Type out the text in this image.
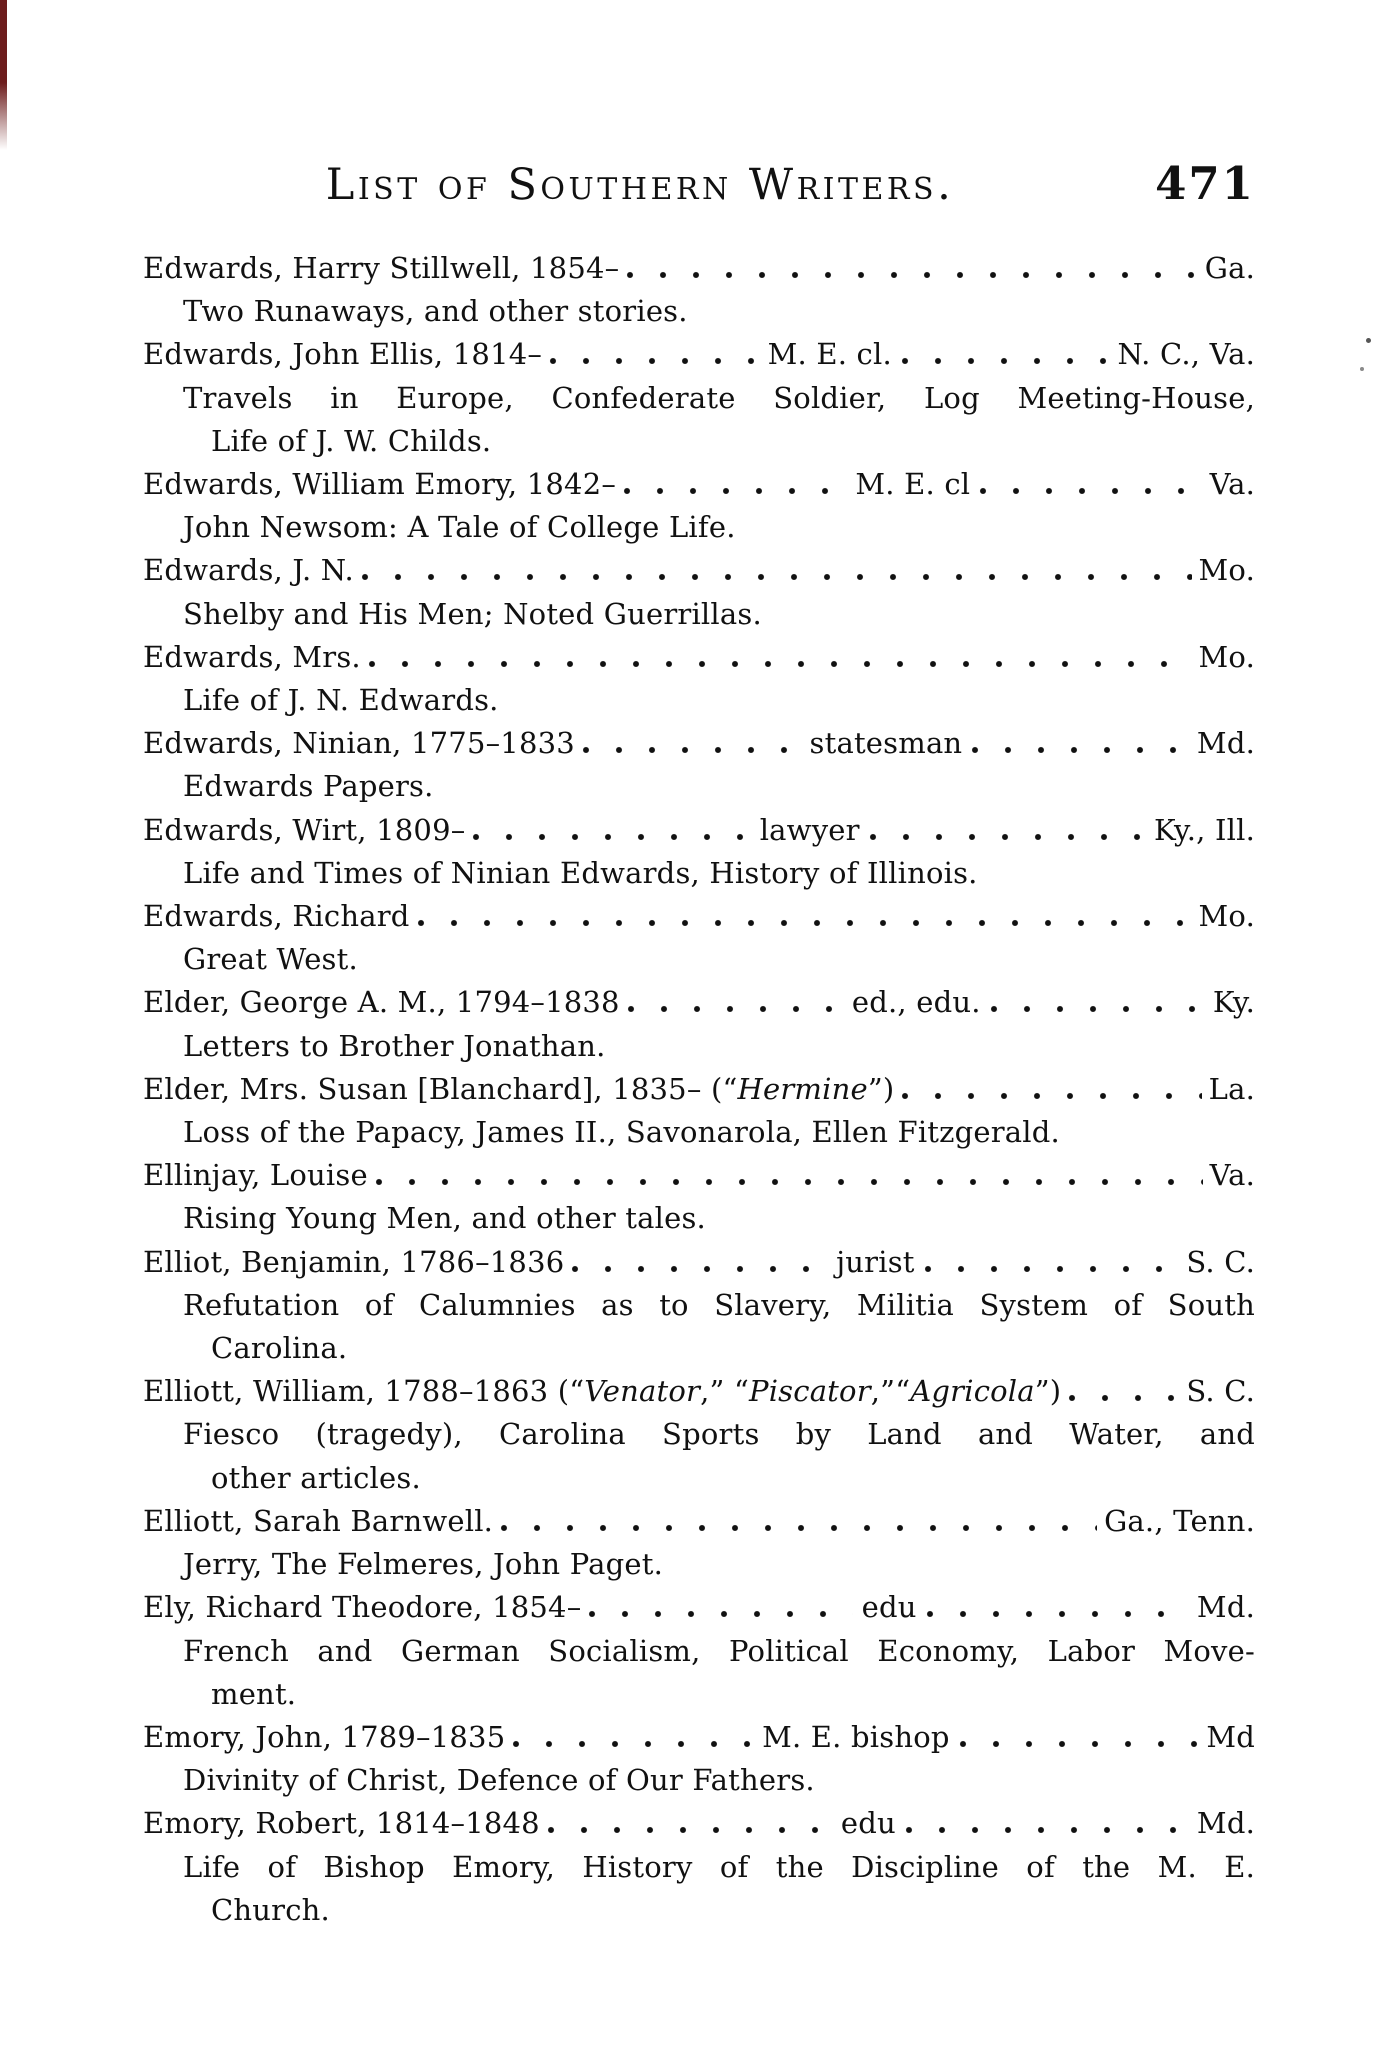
List of Southern Writers.	471
Edwards, Harry Stillwell, 1854–	Ga.
Two Runaways, and other stories.
Edwards, John Ellis, 1814–	M. E. cl.	N. C., Va.
Travels in Europe, Confederate Soldier, Log Meeting-House,
Life of J. W. Childs.
Edwards, William Emory, 1842–	M. E. cl	Va.
John Newsom: A Tale of College Life.
Edwards, J. N.	Mo.
Shelby and His Men; Noted Guerrillas.
Edwards, Mrs.	Mo.
Life of J. N. Edwards.
Edwards, Ninian, 1775–1833	statesman	Md.
Edwards Papers.
Edwards, Wirt, 1809–	lawyer	Ky., Ill.
Life and Times of Ninian Edwards, History of Illinois.
Edwards, Richard	Mo.
Great West.
Elder, George A. M., 1794–1838	ed., edu.	Ky.
Letters to Brother Jonathan.
Elder, Mrs. Susan [Blanchard], 1835– (“Hermine”)	La.
Loss of the Papacy, James II., Savonarola, Ellen Fitzgerald.
Ellinjay, Louise	Va.
Rising Young Men, and other tales.
Elliot, Benjamin, 1786–1836	jurist	S. C.
Refutation of Calumnies as to Slavery, Militia System of South
Carolina.
Elliott, William, 1788–1863 (“Venator,” “Piscator,”“Agricola”)	S. C.
Fiesco (tragedy), Carolina Sports by Land and Water, and
other articles.
Elliott, Sarah Barnwell.	Ga., Tenn.
Jerry, The Felmeres, John Paget.
Ely, Richard Theodore, 1854–	edu	Md.
French and German Socialism, Political Economy, Labor Move-
ment.
Emory, John, 1789–1835	M. E. bishop	Md
Divinity of Christ, Defence of Our Fathers.
Emory, Robert, 1814–1848	edu	Md.
Life of Bishop Emory, History of the Discipline of the M. E.
Church.
